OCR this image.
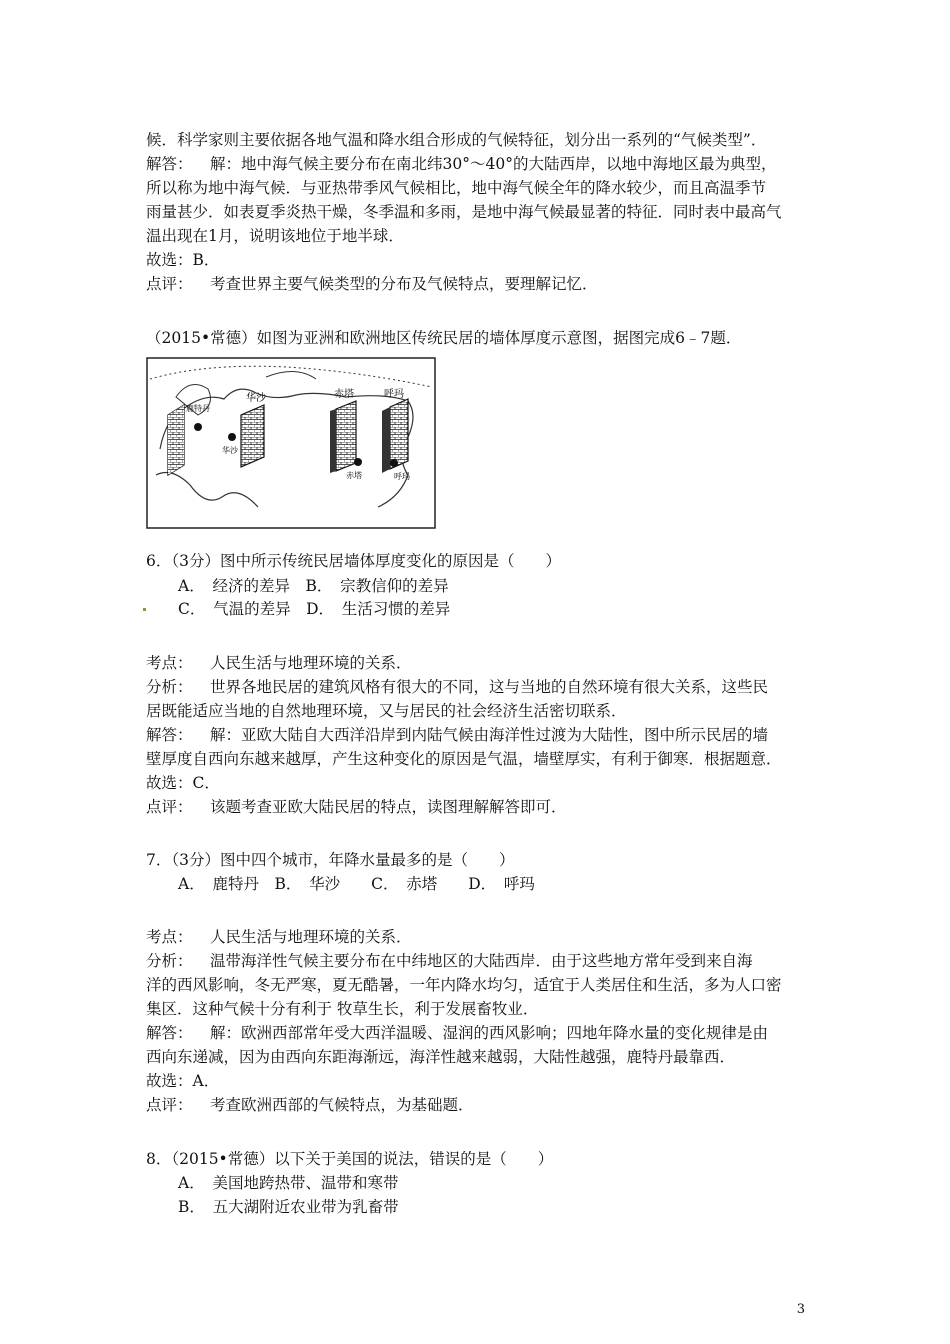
候．科学家则主要依据各地气温和降水组合形成的气候特征，划分出一系列的“气候类型”．
解答： 解：地中海气候主要分布在南北纬30°～40°的大陆西岸，以地中海地区最为典型，
所以称为地中海气候．与亚热带季风气候相比，地中海气候全年的降水较少，而且高温季节
雨量甚少．如表夏季炎热干燥，冬季温和多雨，是地中海气候最显著的特征．同时表中最高气
温出现在1月，说明该地位于地半球．
故选：B．
点评： 考查世界主要气候类型的分布及气候特点，要理解记忆．
（2015•常德）如图为亚洲和欧洲地区传统民居的墙体厚度示意图，据图完成6﹣7题．
鹿特丹
华沙
华沙
赤塔
赤塔
呼玛
呼玛
6．（3分）图中所示传统民居墙体厚度变化的原因是（　　）
A．　经济的差异　B．　宗教信仰的差异
C．　气温的差异　D．　生活习惯的差异
考点： 人民生活与地理环境的关系．
分析： 世界各地民居的建筑风格有很大的不同，这与当地的自然环境有很大关系，这些民
居既能适应当地的自然地理环境，又与居民的社会经济生活密切联系．
解答： 解：亚欧大陆自大西洋沿岸到内陆气候由海洋性过渡为大陆性，图中所示民居的墙
壁厚度自西向东越来越厚，产生这种变化的原因是气温，墙壁厚实，有利于御寒．根据题意．
故选：C．
点评： 该题考查亚欧大陆民居的特点，读图理解解答即可．
7．（3分）图中四个城市，年降水量最多的是（　　）
A．　鹿特丹　B．　华沙　　C．　赤塔　　D．　呼玛
考点： 人民生活与地理环境的关系．
分析： 温带海洋性气候主要分布在中纬地区的大陆西岸．由于这些地方常年受到来自海
洋的西风影响，冬无严寒，夏无酷暑，一年内降水均匀，适宜于人类居住和生活，多为人口密
集区．这种气候十分有利于 牧草生长，利于发展畜牧业．
解答： 解：欧洲西部常年受大西洋温暖、湿润的西风影响；四地年降水量的变化规律是由
西向东递减，因为由西向东距海渐远，海洋性越来越弱，大陆性越强，鹿特丹最靠西．
故选：A．
点评： 考查欧洲西部的气候特点，为基础题．
8．（2015•常德）以下关于美国的说法，错误的是（　　）
A．　美国地跨热带、温带和寒带
B．　五大湖附近农业带为乳畜带
3
